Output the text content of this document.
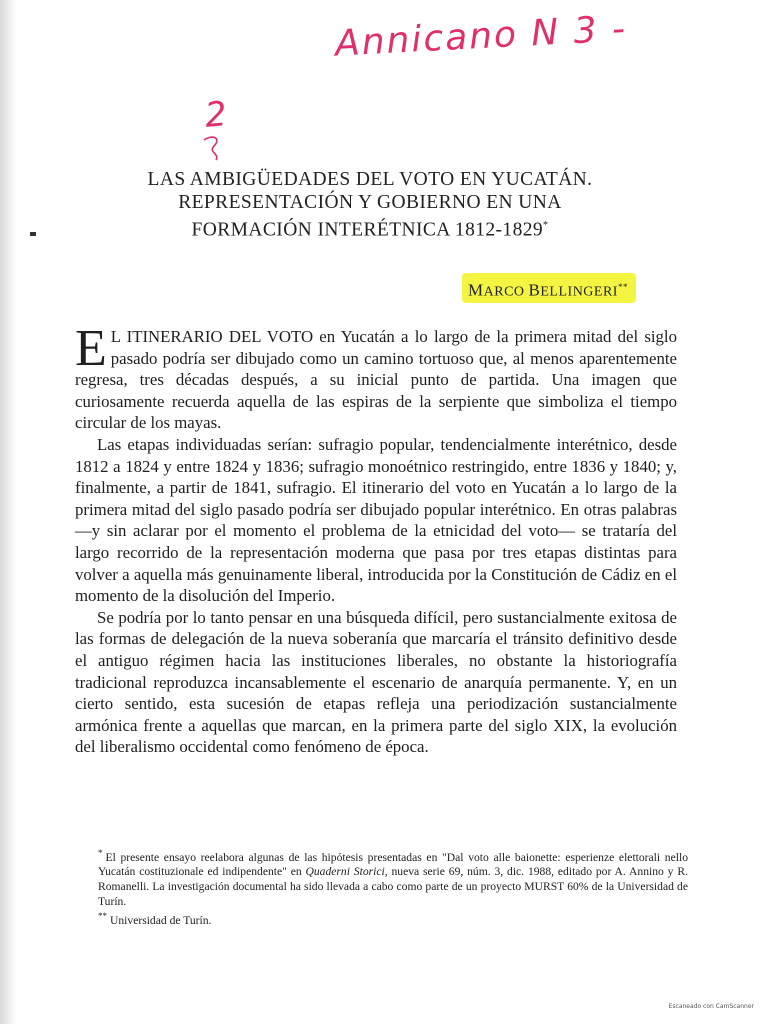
Annicano N 3 -
2
LAS AMBIGÜEDADES DEL VOTO EN YUCATÁN.
REPRESENTACIÓN Y GOBIERNO EN UNA
FORMACIÓN INTERÉTNICA 1812-1829*
MARCO BELLINGERI**

E L ITINERARIO DEL VOTO en Yucatán a lo largo de la primera mitad del siglo pasado podría ser dibujado como un camino tortuoso que, al menos aparentemente regresa, tres décadas después, a su inicial punto de partida. Una imagen que curiosamente recuerda aquella de las espiras de la serpiente que simboliza el tiempo circular de los mayas.

Las etapas individuadas serían: sufragio popular, tendencialmente interétnico, desde 1812 a 1824 y entre 1824 y 1836; sufragio monoétnico restringido, entre 1836 y 1840; y, finalmente, a partir de 1841, sufragio. El itinerario del voto en Yucatán a lo largo de la primera mitad del siglo pasado podría ser dibujado popular interétnico. En otras palabras —y sin aclarar por el momento el problema de la etnicidad del voto— se trataría del largo recorrido de la representación moderna que pasa por tres etapas distintas para volver a aquella más genuinamente liberal, introducida por la Constitución de Cádiz en el momento de la disolución del Imperio.

Se podría por lo tanto pensar en una búsqueda difícil, pero sustancialmente exitosa de las formas de delegación de la nueva soberanía que marcaría el tránsito definitivo desde el antiguo régimen hacia las instituciones liberales, no obstante la historiografía tradicional reproduzca incansablemente el escenario de anarquía permanente. Y, en un cierto sentido, esta sucesión de etapas refleja una periodización sustancialmente armónica frente a aquellas que marcan, en la primera parte del siglo XIX, la evolución del liberalismo occidental como fenómeno de época.

* El presente ensayo reelabora algunas de las hipótesis presentadas en "Dal voto alle baionette: esperienze elettorali nello Yucatán costituzionale ed indipendente" en Quaderni Storici, nueva serie 69, núm. 3, dic. 1988, editado por A. Annino y R. Romanelli. La investigación documental ha sido llevada a cabo como parte de un proyecto MURST 60% de la Universidad de Turín.

** Universidad de Turín.

Escaneado con CamScanner
